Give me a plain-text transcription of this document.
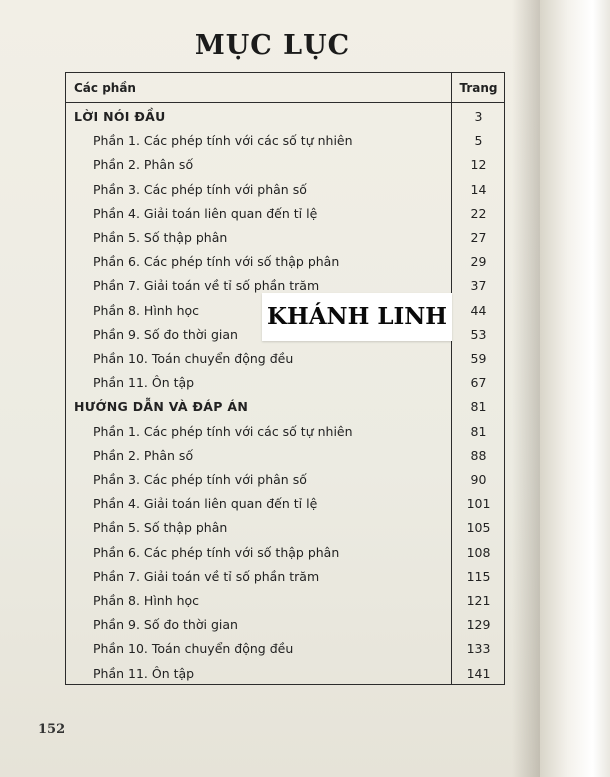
MỤC LỤC
Các phần	Trang
LỜI NÓI ĐẦU	3
Phần 1. Các phép tính với các số tự nhiên	5
Phần 2. Phân số	12
Phần 3. Các phép tính với phân số	14
Phần 4. Giải toán liên quan đến tỉ lệ	22
Phần 5. Số thập phân	27
Phần 6. Các phép tính với số thập phân	29
Phần 7. Giải toán về tỉ số phần trăm	37
Phần 8. Hình học	44
Phần 9. Số đo thời gian	53
Phần 10. Toán chuyển động đều	59
Phần 11. Ôn tập	67
HƯỚNG DẪN VÀ ĐÁP ÁN	81
Phần 1. Các phép tính với các số tự nhiên	81
Phần 2. Phân số	88
Phần 3. Các phép tính với phân số	90
Phần 4. Giải toán liên quan đến tỉ lệ	101
Phần 5. Số thập phân	105
Phần 6. Các phép tính với số thập phân	108
Phần 7. Giải toán về tỉ số phần trăm	115
Phần 8. Hình học	121
Phần 9. Số đo thời gian	129
Phần 10. Toán chuyển động đều	133
Phần 11. Ôn tập	141
KHÁNH LINH
152
